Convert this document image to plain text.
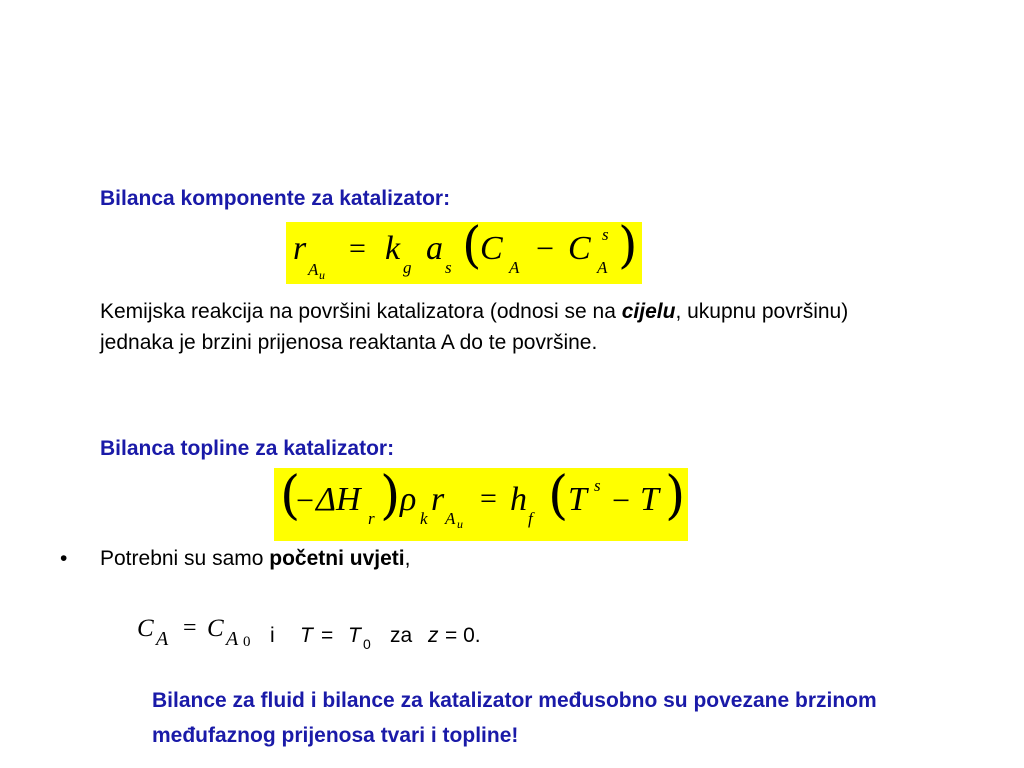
Bilanca komponente za katalizator:
r
A u
= k
g
a
s (
C
A
− C s
A )
Kemijska reakcija na površini katalizatora (odnosi se na cijelu, ukupnu površinu) jednaka je brzini prijenosa reaktanta A do te površine.
Bilanca topline za katalizator:
(
− ΔH
r ) ρ
k
r
A u
= h
f ( T s − T )
• Potrebni su samo početni uvjeti,
C A = C A 0 i T = T 0 za z = 0.
Bilance za fluid i bilance za katalizator međusobno su povezane brzinom međufaznog prijenosa tvari i topline!
